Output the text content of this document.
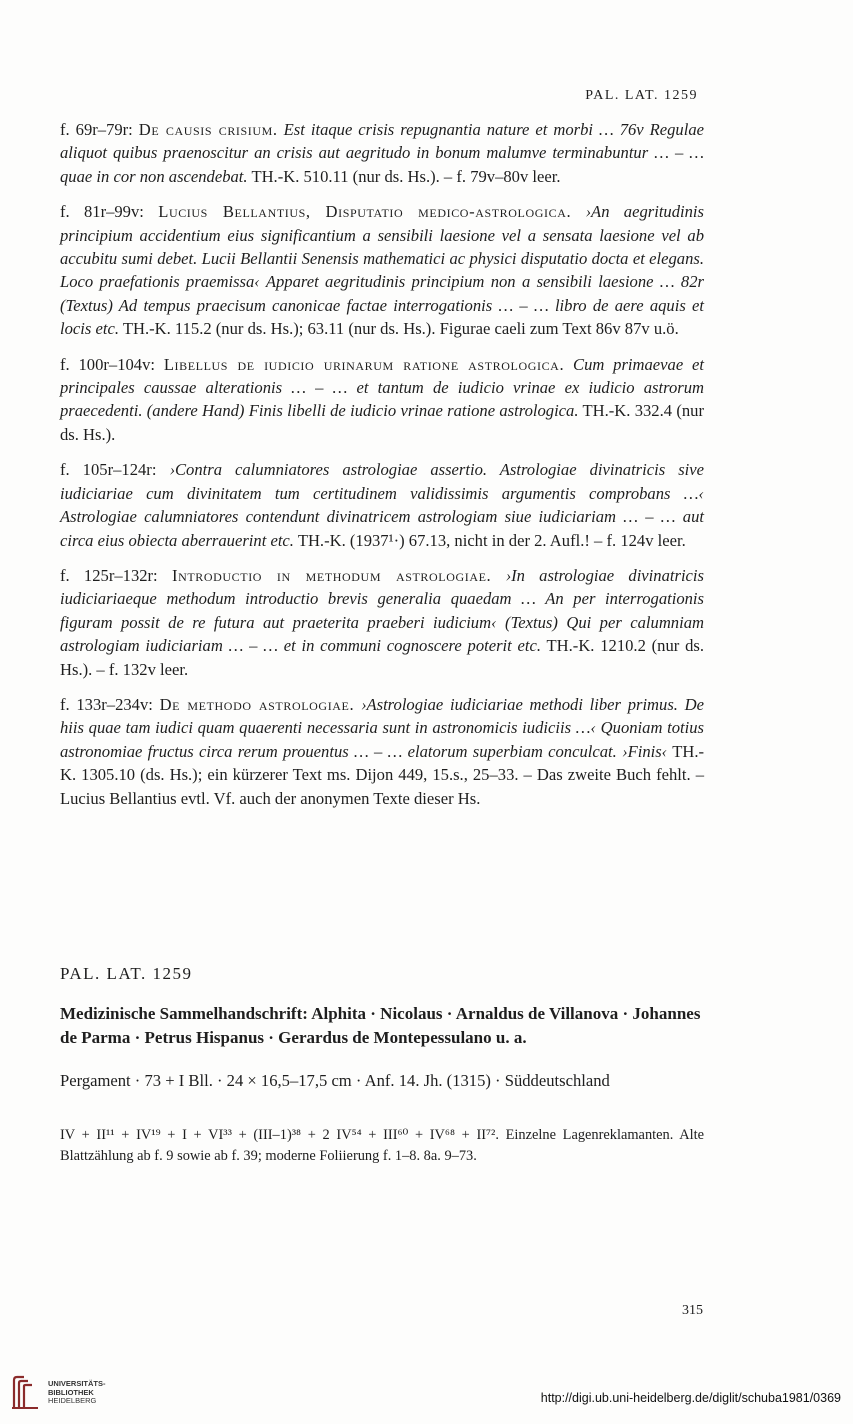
PAL. LAT. 1259

f. 69r–79r: De causis crisium. Est itaque crisis repugnantia nature et morbi … 76v Regulae aliquot quibus praenoscitur an crisis aut aegritudo in bonum malumve terminabuntur … – … quae in cor non ascendebat. TH.-K. 510.11 (nur ds. Hs.). – f. 79v–80v leer.

f. 81r–99v: Lucius Bellantius, Disputatio medico-astrologica. ›An aegritudinis principium accidentium eius significantium a sensibili laesione vel a sensata laesione vel ab accubitu sumi debet. Lucii Bellantii Senensis mathematici ac physici disputatio docta et elegans. Loco praefationis praemissa‹ Apparet aegritudinis principium non a sensibili laesione … 82r (Textus) Ad tempus praecisum canonicae factae interrogationis … – … libro de aere aquis et locis etc. TH.-K. 115.2 (nur ds. Hs.); 63.11 (nur ds. Hs.). Figurae caeli zum Text 86v 87v u.ö.

f. 100r–104v: Libellus de iudicio urinarum ratione astrologica. Cum primaevae et principales caussae alterationis … – … et tantum de iudicio vrinae ex iudicio astrorum praecedenti. (andere Hand) Finis libelli de iudicio vrinae ratione astrologica. TH.-K. 332.4 (nur ds. Hs.).

f. 105r–124r: ›Contra calumniatores astrologiae assertio. Astrologiae divinatricis sive iudiciariae cum divinitatem tum certitudinem validissimis argumentis comprobans …‹ Astrologiae calumniatores contendunt divinatricem astrologiam siue iudiciariam … – … aut circa eius obiecta aberrauerint etc. TH.-K. (1937¹·) 67.13, nicht in der 2. Aufl.! – f. 124v leer.

f. 125r–132r: Introductio in methodum astrologiae. ›In astrologiae divinatricis iudiciariaeque methodum introductio brevis generalia quaedam … An per interrogationis figuram possit de re futura aut praeterita praeberi iudicium‹ (Textus) Qui per calumniam astrologiam iudiciariam … – … et in communi cognoscere poterit etc. TH.-K. 1210.2 (nur ds. Hs.). – f. 132v leer.

f. 133r–234v: De methodo astrologiae. ›Astrologiae iudiciariae methodi liber primus. De hiis quae tam iudici quam quaerenti necessaria sunt in astronomicis iudiciis …‹ Quoniam totius astronomiae fructus circa rerum prouentus … – … elatorum superbiam conculcat. ›Finis‹ TH.-K. 1305.10 (ds. Hs.); ein kürzerer Text ms. Dijon 449, 15.s., 25–33. – Das zweite Buch fehlt. – Lucius Bellantius evtl. Vf. auch der anonymen Texte dieser Hs.

PAL. LAT. 1259
Medizinische Sammelhandschrift: Alphita · Nicolaus · Arnaldus de Villanova · Johannes de Parma · Petrus Hispanus · Gerardus de Montepessulano u. a.
Pergament · 73 + I Bll. · 24 × 16,5–17,5 cm · Anf. 14. Jh. (1315) · Süddeutschland
IV + II¹¹ + IV¹⁹ + I + VI³³ + (III–1)³⁸ + 2 IV⁵⁴ + III⁶⁰ + IV⁶⁸ + II⁷². Einzelne Lagenreklamanten. Alte Blattzählung ab f. 9 sowie ab f. 39; moderne Foliierung f. 1–8. 8a. 9–73.
315
UNIVERSITÄTS-
BIBLIOTHEK
HEIDELBERG	http://digi.ub.uni-heidelberg.de/diglit/schuba1981/0369
